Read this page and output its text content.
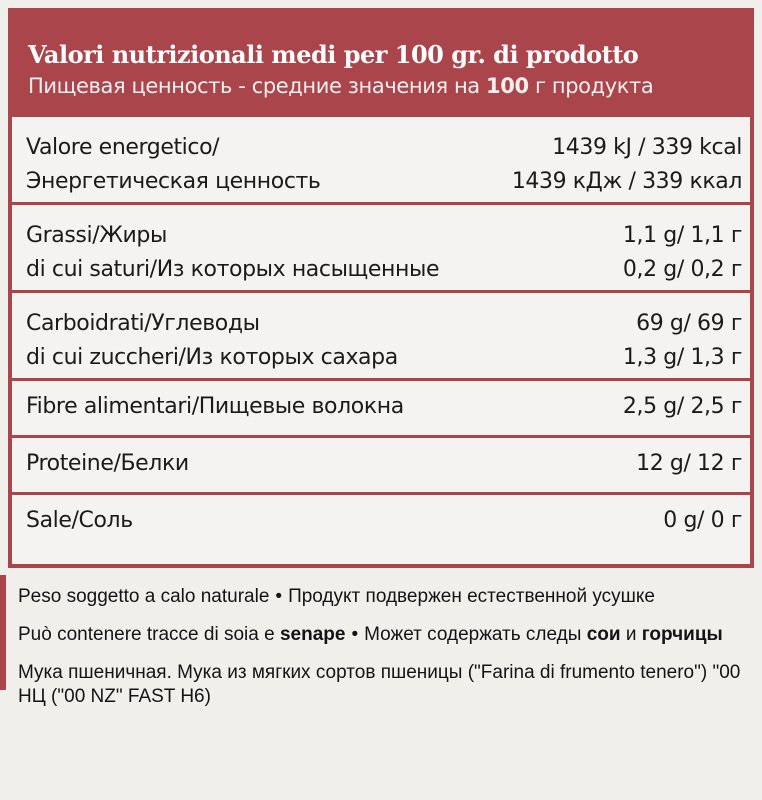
Valori nutrizionali medi per 100 gr. di prodotto
Пищевая ценность - средние значения на 100 г продукта
Valore energetico/	1439 kJ / 339 kcal
Энергетическая ценность	1439 кДж / 339 ккал
Grassi/Жиры	1,1 g/ 1,1 г
di cui saturi/Из которых насыщенные	0,2 g/ 0,2 г
Carboidrati/Углеводы	69 g/ 69 г
di cui zuccheri/Из которых сахара	1,3 g/ 1,3 г
Fibre alimentari/Пищевые волокна	2,5 g/ 2,5 г
Proteine/Белки	12 g/ 12 г
Sale/Соль	0 g/ 0 г
Peso soggetto a calo naturale • Продукт подвержен естественной усушке
Può contenere tracce di soia e senape • Может содержать следы сои и горчицы
Мука пшеничная. Мука из мягких сортов пшеницы ("Farina di frumento tenero") "00 НЦ ("00 NZ" FAST H6)
